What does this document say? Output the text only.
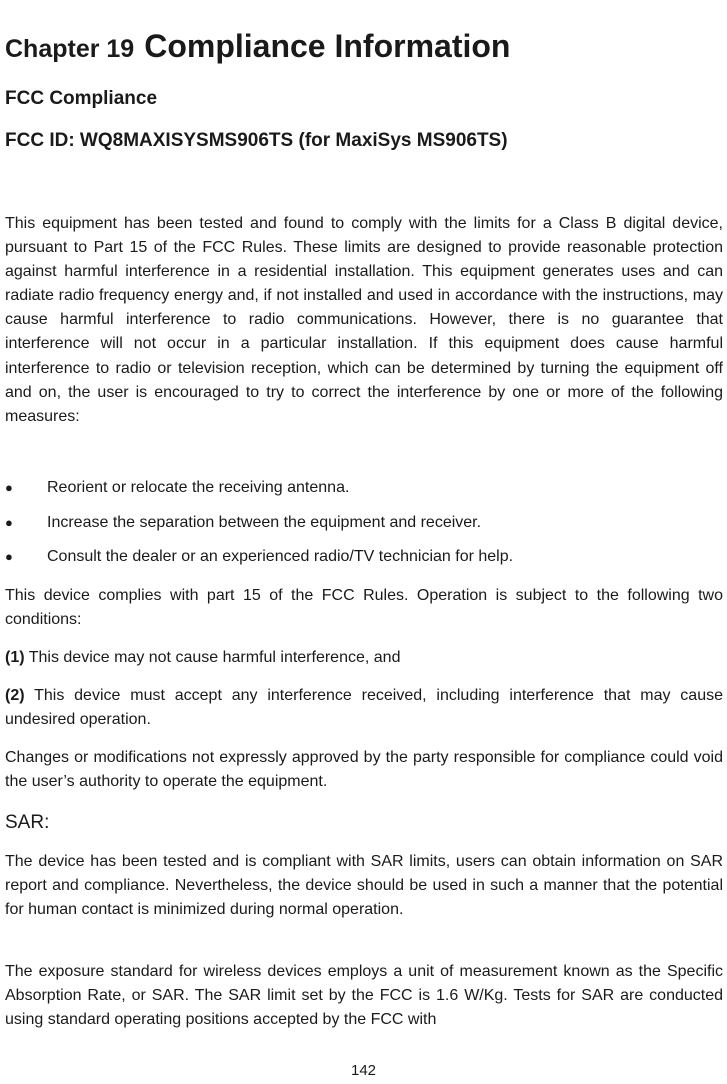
Chapter 19 Compliance Information
FCC Compliance
FCC ID: WQ8MAXISYSMS906TS (for MaxiSys MS906TS)

This equipment has been tested and found to comply with the limits for a Class B digital device, pursuant to Part 15 of the FCC Rules. These limits are designed to provide reasonable protection against harmful interference in a residential installation. This equipment generates uses and can radiate radio frequency energy and, if not installed and used in accordance with the instructions, may cause harmful interference to radio communications. However, there is no guarantee that interference will not occur in a particular installation. If this equipment does cause harmful interference to radio or television reception, which can be determined by turning the equipment off and on, the user is encouraged to try to correct the interference by one or more of the following measures:

● Reorient or relocate the receiving antenna.
● Increase the separation between the equipment and receiver.
● Consult the dealer or an experienced radio/TV technician for help.

This device complies with part 15 of the FCC Rules. Operation is subject to the following two conditions:

(1) This device may not cause harmful interference, and

(2) This device must accept any interference received, including interference that may cause undesired operation.

Changes or modifications not expressly approved by the party responsible for compliance could void the user’s authority to operate the equipment.

SAR:

The device has been tested and is compliant with SAR limits, users can obtain information on SAR report and compliance. Nevertheless, the device should be used in such a manner that the potential for human contact is minimized during normal operation.

The exposure standard for wireless devices employs a unit of measurement known as the Specific Absorption Rate, or SAR. The SAR limit set by the FCC is 1.6 W/Kg. Tests for SAR are conducted using standard operating positions accepted by the FCC with

142
